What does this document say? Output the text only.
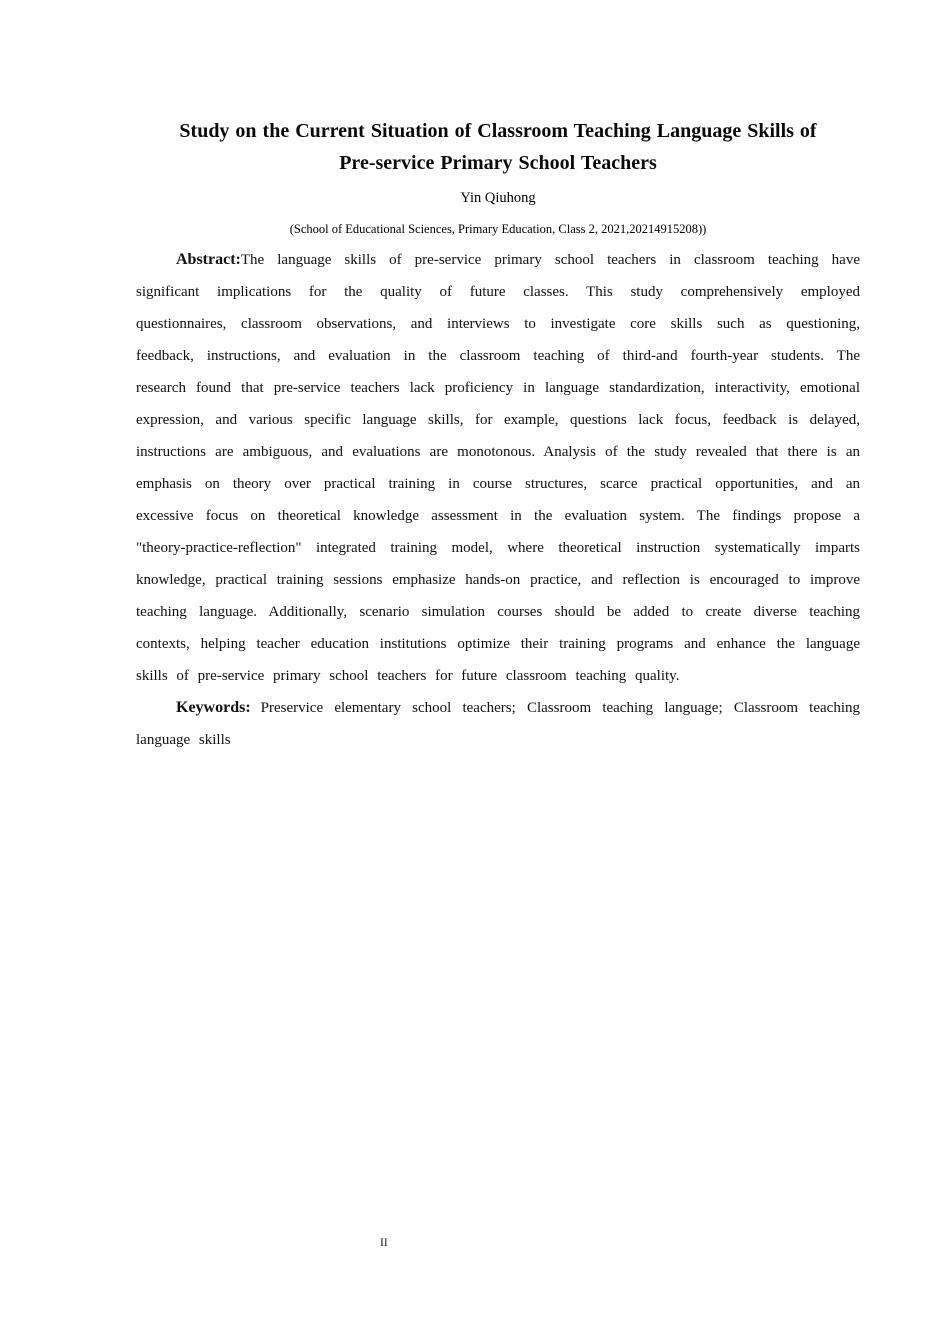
Study on the Current Situation of Classroom Teaching Language Skills of
Pre-service Primary School Teachers
Yin Qiuhong
(School of Educational Sciences, Primary Education, Class 2, 2021,20214915208))

Abstract:The language skills of pre-service primary school teachers in classroom teaching have significant implications for the quality of future classes. This study comprehensively employed questionnaires, classroom observations, and interviews to investigate core skills such as questioning, feedback, instructions, and evaluation in the classroom teaching of third-and fourth-year students. The research found that pre-service teachers lack proficiency in language standardization, interactivity, emotional expression, and various specific language skills, for example, questions lack focus, feedback is delayed, instructions are ambiguous, and evaluations are monotonous. Analysis of the study revealed that there is an emphasis on theory over practical training in course structures, scarce practical opportunities, and an excessive focus on theoretical knowledge assessment in the evaluation system. The findings propose a "theory-practice-reflection" integrated training model, where theoretical instruction systematically imparts knowledge, practical training sessions emphasize hands-on practice, and reflection is encouraged to improve teaching language. Additionally, scenario simulation courses should be added to create diverse teaching contexts, helping teacher education institutions optimize their training programs and enhance the language skills of pre-service primary school teachers for future classroom teaching quality.

Keywords: Preservice elementary school teachers; Classroom teaching language; Classroom teaching language skills

II
